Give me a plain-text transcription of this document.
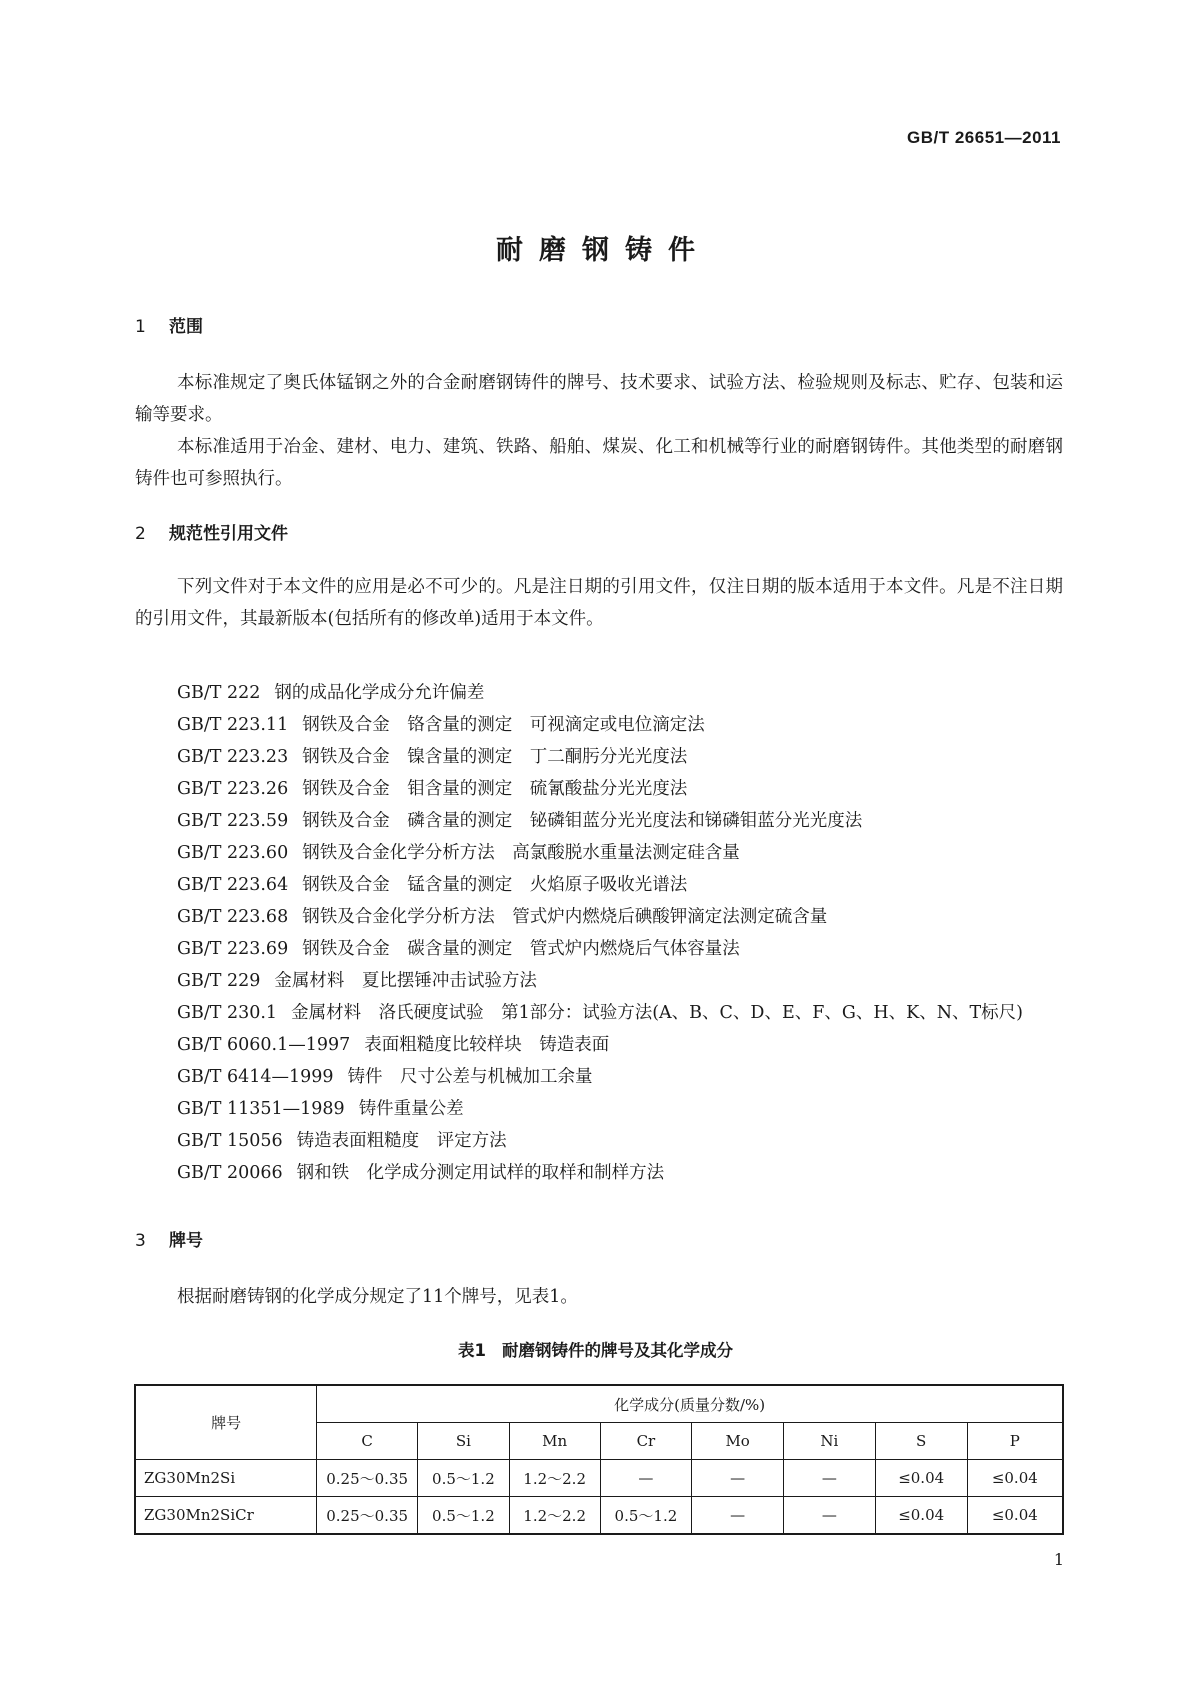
GB/T 26651—2011
耐磨钢铸件
1 范围
本标准规定了奥氏体锰钢之外的合金耐磨钢铸件的牌号、技术要求、试验方法、检验规则及标志、贮存、包装和运输等要求。
本标准适用于冶金、建材、电力、建筑、铁路、船舶、煤炭、化工和机械等行业的耐磨钢铸件。其他类型的耐磨钢铸件也可参照执行。
2 规范性引用文件
下列文件对于本文件的应用是必不可少的。凡是注日期的引用文件，仅注日期的版本适用于本文件。凡是不注日期的引用文件，其最新版本(包括所有的修改单)适用于本文件。
GB/T 222 钢的成品化学成分允许偏差
GB/T 223.11 钢铁及合金　铬含量的测定　可视滴定或电位滴定法
GB/T 223.23 钢铁及合金　镍含量的测定　丁二酮肟分光光度法
GB/T 223.26 钢铁及合金　钼含量的测定　硫氰酸盐分光光度法
GB/T 223.59 钢铁及合金　磷含量的测定　铋磷钼蓝分光光度法和锑磷钼蓝分光光度法
GB/T 223.60 钢铁及合金化学分析方法　高氯酸脱水重量法测定硅含量
GB/T 223.64 钢铁及合金　锰含量的测定　火焰原子吸收光谱法
GB/T 223.68 钢铁及合金化学分析方法　管式炉内燃烧后碘酸钾滴定法测定硫含量
GB/T 223.69 钢铁及合金　碳含量的测定　管式炉内燃烧后气体容量法
GB/T 229 金属材料　夏比摆锤冲击试验方法
GB/T 230.1 金属材料　洛氏硬度试验　第1部分：试验方法(A、B、C、D、E、F、G、H、K、N、T标尺)
GB/T 6060.1—1997 表面粗糙度比较样块　铸造表面
GB/T 6414—1999 铸件　尺寸公差与机械加工余量
GB/T 11351—1989 铸件重量公差
GB/T 15056 铸造表面粗糙度　评定方法
GB/T 20066 钢和铁　化学成分测定用试样的取样和制样方法
3 牌号
根据耐磨铸钢的化学成分规定了11个牌号，见表1。
表1 耐磨钢铸件的牌号及其化学成分
牌号	化学成分(质量分数/%)							
	C	Si	Mn	Cr	Mo	Ni	S	P
ZG30Mn2Si	0.25～0.35	0.5～1.2	1.2～2.2	—	—	—	≤0.04	≤0.04
ZG30Mn2SiCr	0.25～0.35	0.5～1.2	1.2～2.2	0.5～1.2	—	—	≤0.04	≤0.04
1
